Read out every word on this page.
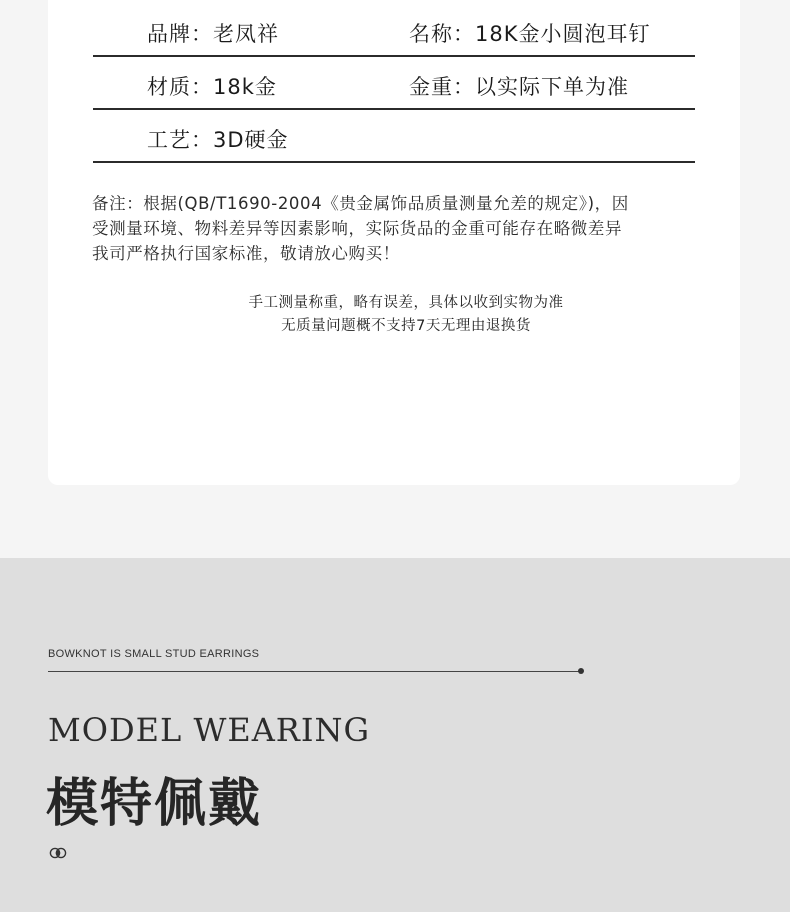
品牌：老凤祥	名称：18K金小圆泡耳钉
材质：18k金	金重：以实际下单为准
工艺：3D硬金
备注：根据(QB/T1690-2004《贵金属饰品质量测量允差的规定》)，因
受测量环境、物料差异等因素影响，实际货品的金重可能存在略微差异
我司严格执行国家标准，敬请放心购买！
手工测量称重，略有误差，具体以收到实物为准
无质量问题概不支持7天无理由退换货
BOWKNOT IS SMALL STUD EARRINGS
MODEL WEARING
模特佩戴
